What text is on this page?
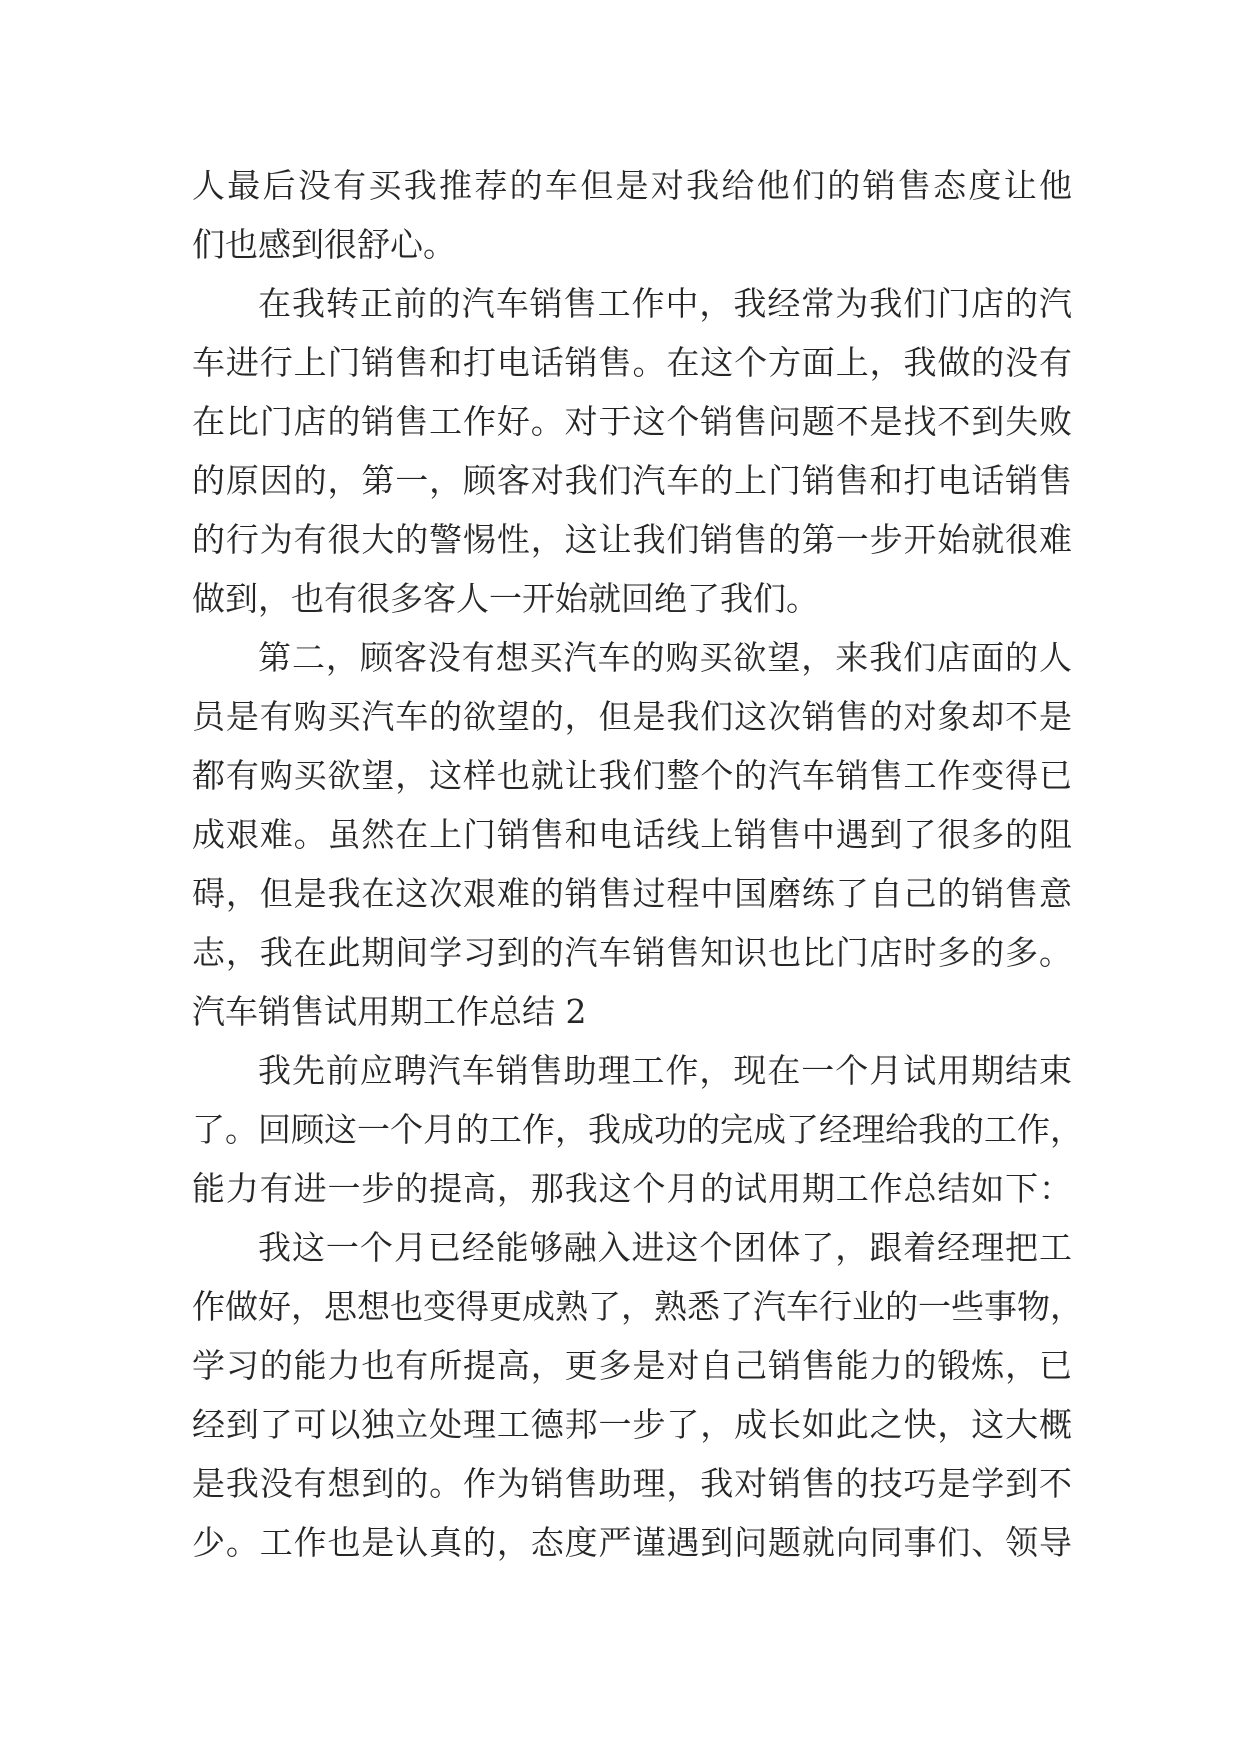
人最后没有买我推荐的车但是对我给他们的销售态度让他
们也感到很舒心。
在我转正前的汽车销售工作中，我经常为我们门店的汽
车进行上门销售和打电话销售。在这个方面上，我做的没有
在比门店的销售工作好。对于这个销售问题不是找不到失败
的原因的，第一，顾客对我们汽车的上门销售和打电话销售
的行为有很大的警惕性，这让我们销售的第一步开始就很难
做到，也有很多客人一开始就回绝了我们。
第二，顾客没有想买汽车的购买欲望，来我们店面的人
员是有购买汽车的欲望的，但是我们这次销售的对象却不是
都有购买欲望，这样也就让我们整个的汽车销售工作变得已
成艰难。虽然在上门销售和电话线上销售中遇到了很多的阻
碍，但是我在这次艰难的销售过程中国磨练了自己的销售意
志，我在此期间学习到的汽车销售知识也比门店时多的多。
汽车销售试用期工作总结 2
我先前应聘汽车销售助理工作，现在一个月试用期结束
了。回顾这一个月的工作，我成功的完成了经理给我的工作，
能力有进一步的提高，那我这个月的试用期工作总结如下：
我这一个月已经能够融入进这个团体了，跟着经理把工
作做好，思想也变得更成熟了，熟悉了汽车行业的一些事物，
学习的能力也有所提高，更多是对自己销售能力的锻炼，已
经到了可以独立处理工德邦一步了，成长如此之快，这大概
是我没有想到的。作为销售助理，我对销售的技巧是学到不
少。工作也是认真的，态度严谨遇到问题就向同事们、领导
